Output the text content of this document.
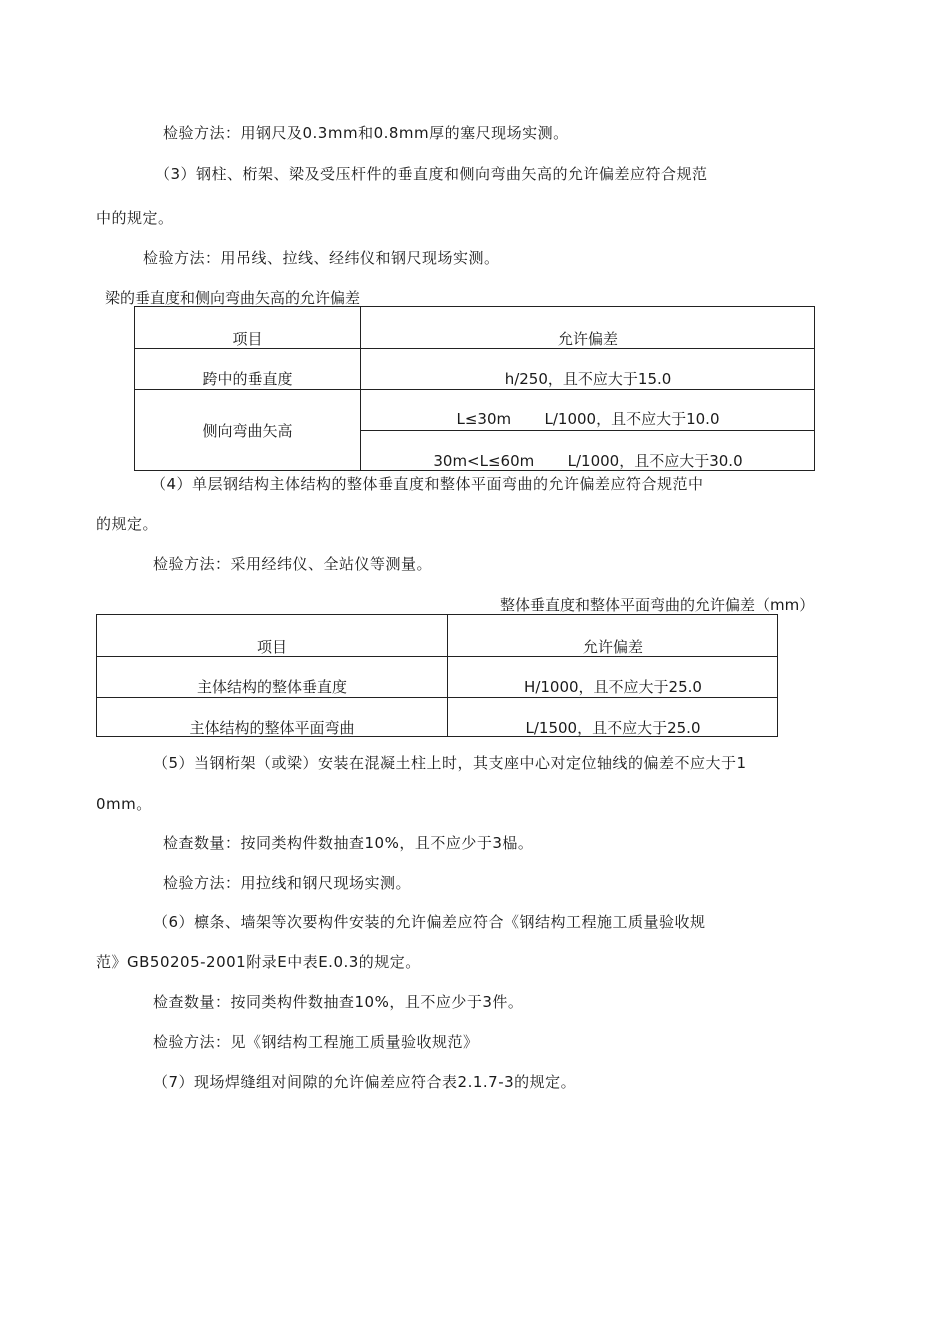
检验方法：用钢尺及0.3mm和0.8mm厚的塞尺现场实测。
（3）钢柱、桁架、梁及受压杆件的垂直度和侧向弯曲矢高的允许偏差应符合规范
中的规定。
检验方法：用吊线、拉线、经纬仪和钢尺现场实测。
梁的垂直度和侧向弯曲矢高的允许偏差
项目	允许偏差
跨中的垂直度	h/250，且不应大于15.0
侧向弯曲矢高
L≤30m       L/1000，且不应大于10.0
30m<L≤60m       L/1000，且不应大于30.0
（4）单层钢结构主体结构的整体垂直度和整体平面弯曲的允许偏差应符合规范中
的规定。
检验方法：采用经纬仪、全站仪等测量。
整体垂直度和整体平面弯曲的允许偏差（mm）
项目	允许偏差
主体结构的整体垂直度	H/1000，且不应大于25.0
主体结构的整体平面弯曲	L/1500，且不应大于25.0
（5）当钢桁架（或梁）安装在混凝土柱上时，其支座中心对定位轴线的偏差不应大于1
0mm。
检查数量：按同类构件数抽查10%，且不应少于3榀。
检验方法：用拉线和钢尺现场实测。
（6）檩条、墙架等次要构件安装的允许偏差应符合《钢结构工程施工质量验收规
范》GB50205-2001附录E中表E.0.3的规定。
检查数量：按同类构件数抽查10%，且不应少于3件。
检验方法：见《钢结构工程施工质量验收规范》
（7）现场焊缝组对间隙的允许偏差应符合表2.1.7-3的规定。
